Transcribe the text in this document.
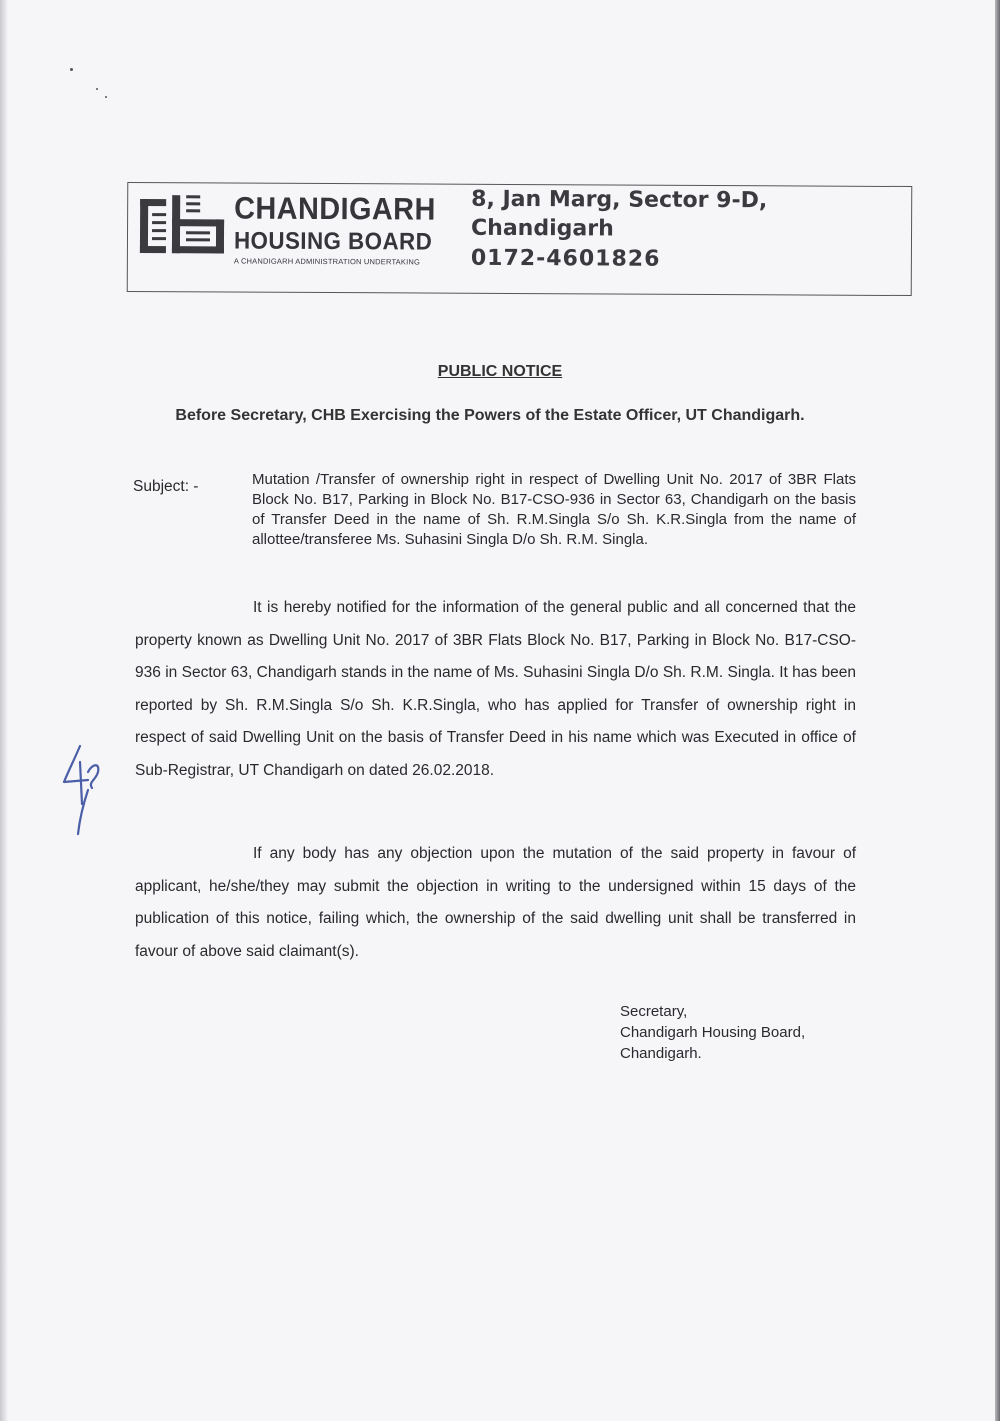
CHANDIGARH
HOUSING BOARD
A CHANDIGARH ADMINISTRATION UNDERTAKING
8, Jan Marg, Sector 9-D,
Chandigarh
0172-4601826
PUBLIC NOTICE
Before Secretary, CHB Exercising the Powers of the Estate Officer, UT Chandigarh.
Subject: -	Mutation /Transfer of ownership right in respect of Dwelling Unit No. 2017 of 3BR Flats Block No. B17, Parking in Block No. B17-CSO-936 in Sector 63, Chandigarh on the basis of Transfer Deed in the name of Sh. R.M.Singla S/o Sh. K.R.Singla from the name of allottee/transferee Ms. Suhasini Singla D/o Sh. R.M. Singla.
It is hereby notified for the information of the general public and all concerned that the property known as Dwelling Unit No. 2017 of 3BR Flats Block No. B17, Parking in Block No. B17-CSO-936 in Sector 63, Chandigarh stands in the name of Ms. Suhasini Singla D/o Sh. R.M. Singla. It has been reported by Sh. R.M.Singla S/o Sh. K.R.Singla, who has applied for Transfer of ownership right in respect of said Dwelling Unit on the basis of Transfer Deed in his name which was Executed in office of Sub-Registrar, UT Chandigarh on dated 26.02.2018.
If any body has any objection upon the mutation of the said property in favour of applicant, he/she/they may submit the objection in writing to the undersigned within 15 days of the publication of this notice, failing which, the ownership of the said dwelling unit shall be transferred in favour of above said claimant(s).
Secretary,
Chandigarh Housing Board,
Chandigarh.
